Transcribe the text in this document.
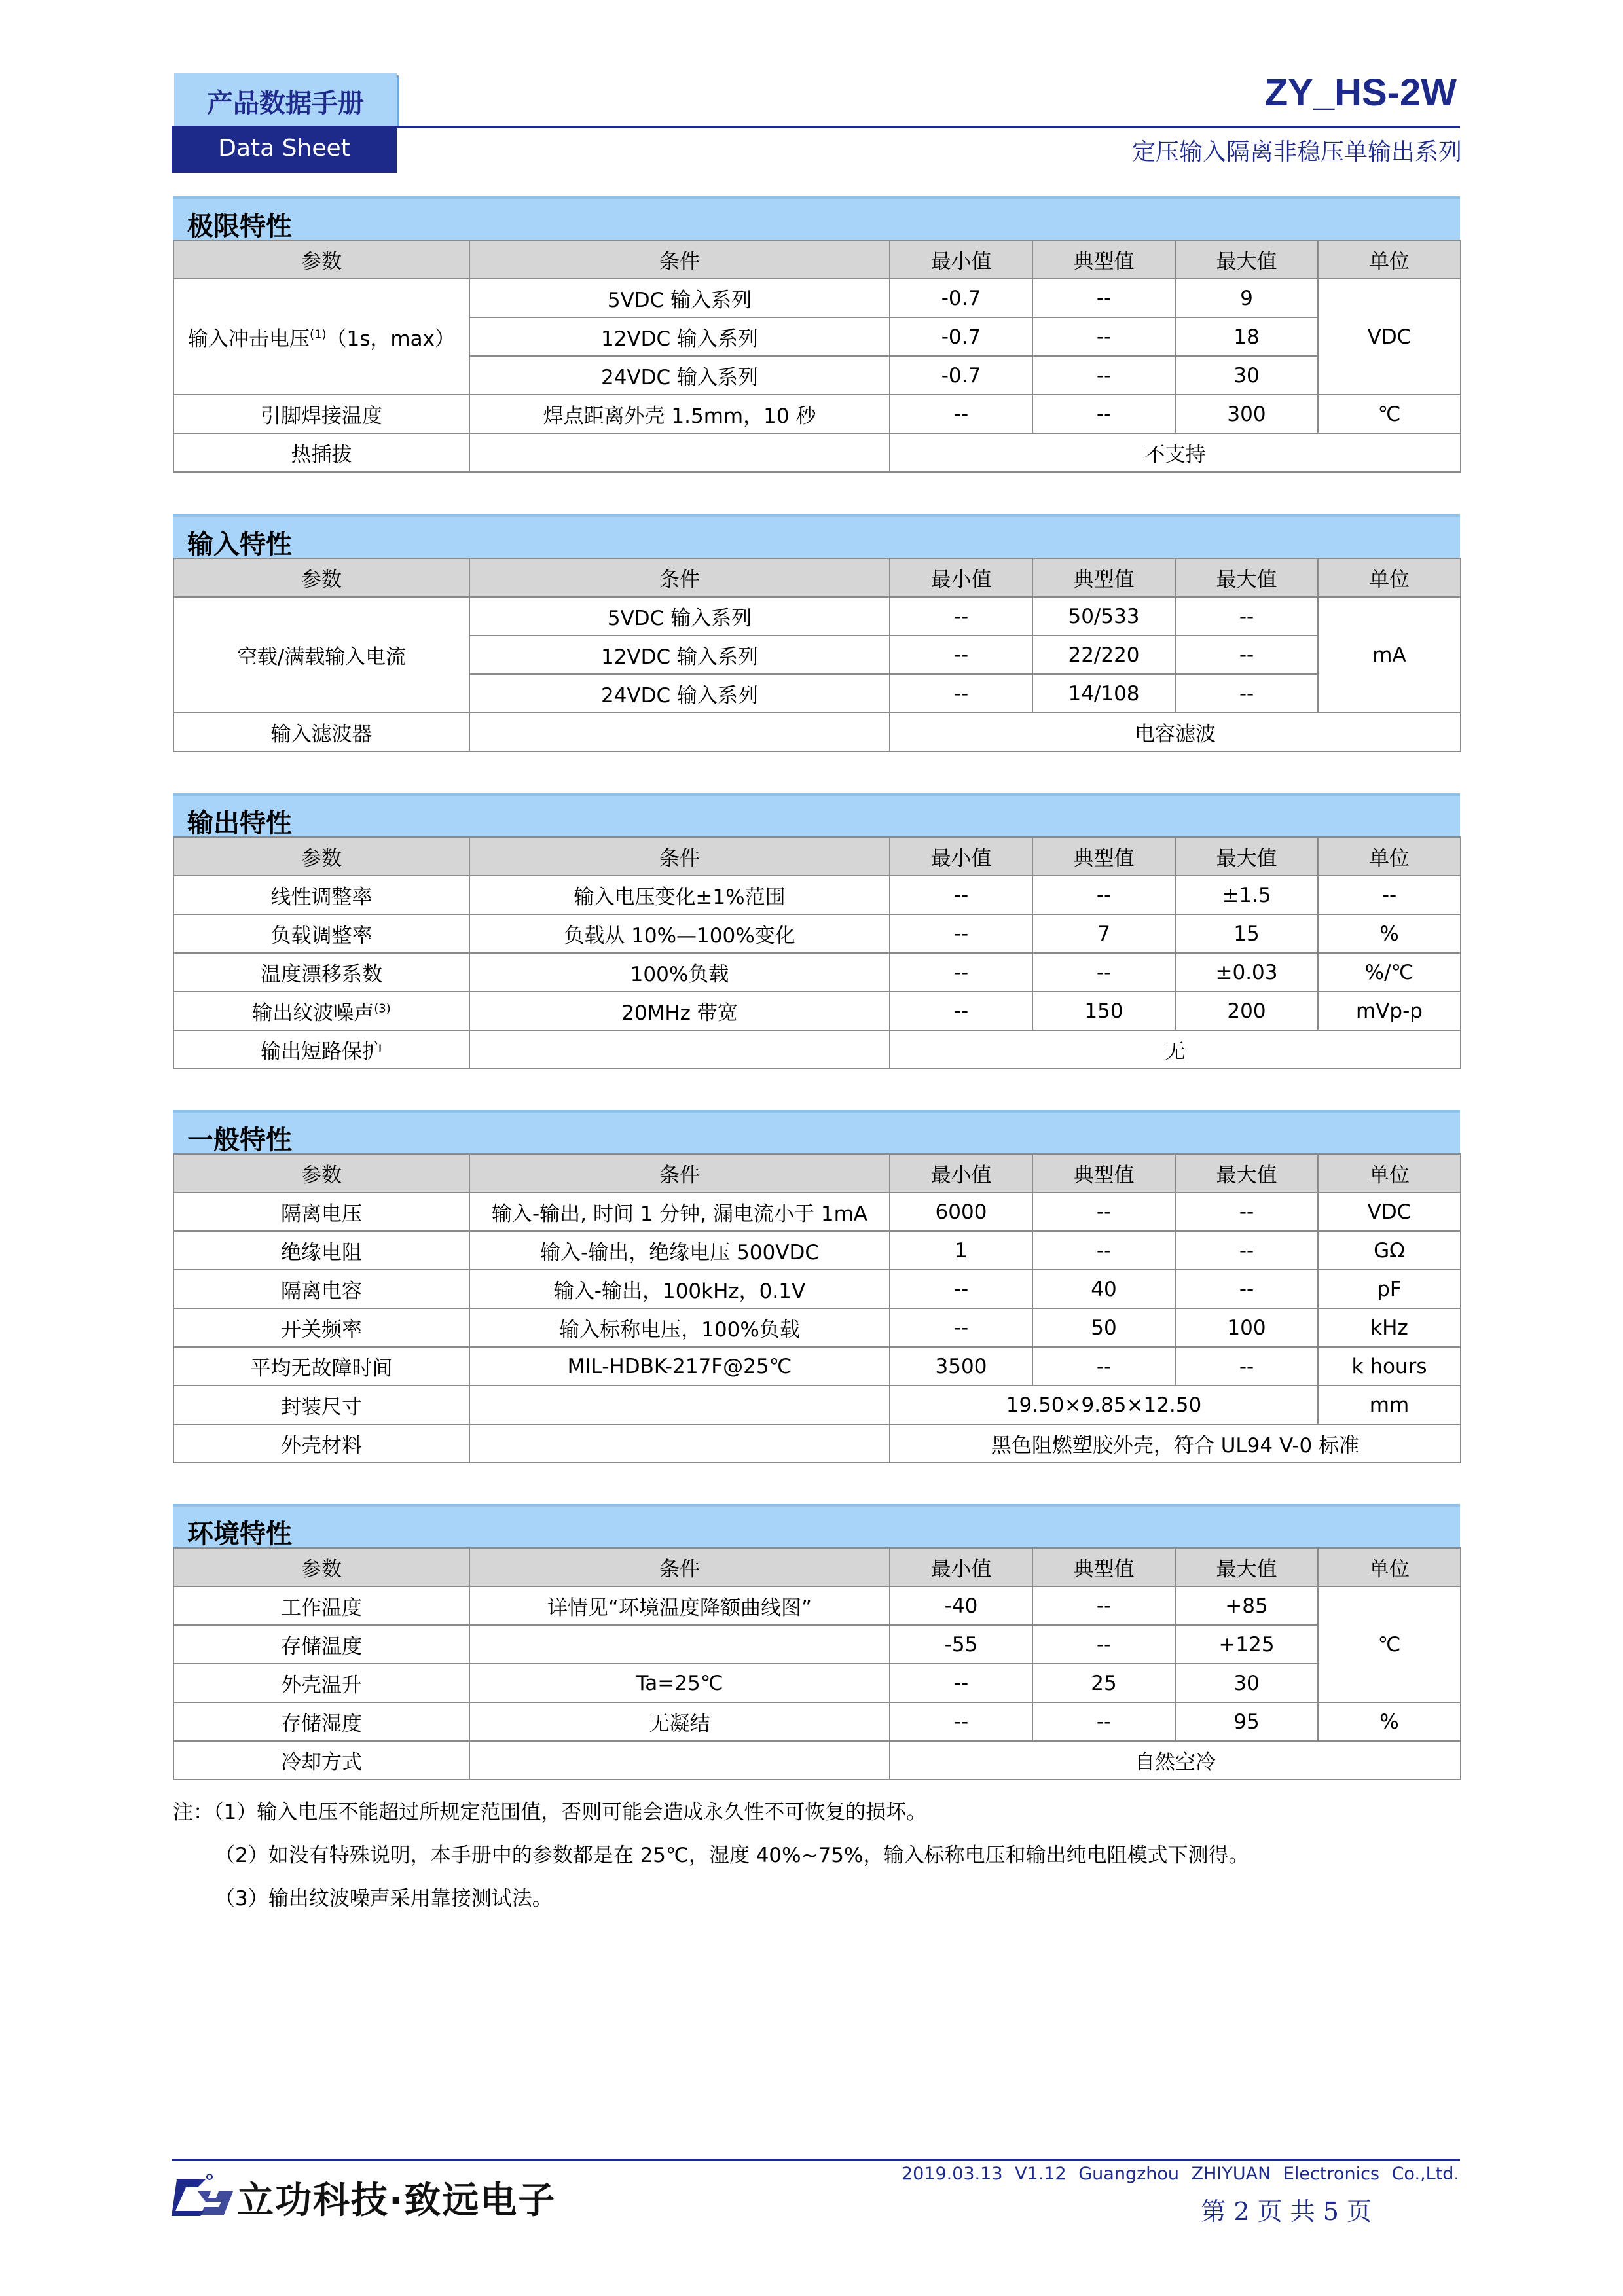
产品数据手册
Data Sheet
ZY_HS-2W
定压输入隔离非稳压单输出系列
极限特性
参数	条件	最小值	典型值	最大值	单位
输入冲击电压$^{(1)}$（1s，max）	5VDC 输入系列	-0.7	--	9	VDC
	12VDC 输入系列	-0.7	--	18	
	24VDC 输入系列	-0.7	--	30	
引脚焊接温度	焊点距离外壳 1.5mm，10 秒	--	--	300	℃
热插拔		不支持			
输入特性
参数	条件	最小值	典型值	最大值	单位
空载/满载输入电流	5VDC 输入系列	--	50/533	--	mA
	12VDC 输入系列	--	22/220	--	
	24VDC 输入系列	--	14/108	--	
输入滤波器		电容滤波			
输出特性
参数	条件	最小值	典型值	最大值	单位
线性调整率	输入电压变化±1%范围	--	--	±1.5	--
负载调整率	负载从 10%—100%变化	--	7	15	%
温度漂移系数	100%负载	--	--	±0.03	%/℃
输出纹波噪声$^{(3)}$	20MHz 带宽	--	150	200	mVp-p
输出短路保护		无			
一般特性
参数	条件	最小值	典型值	最大值	单位
隔离电压	输入-输出, 时间 1 分钟, 漏电流小于 1mA	6000	--	--	VDC
绝缘电阻	输入-输出，绝缘电压 500VDC	1	--	--	GΩ
隔离电容	输入-输出，100kHz，0.1V	--	40	--	pF
开关频率	输入标称电压，100%负载	--	50	100	kHz
平均无故障时间	MIL-HDBK-217F@25℃	3500	--	--	k hours
封装尺寸		19.50×9.85×12.50			mm
外壳材料		黑色阻燃塑胶外壳，符合 UL94 V-0 标准			
环境特性
参数	条件	最小值	典型值	最大值	单位
工作温度	详情见“环境温度降额曲线图”	-40	--	+85	℃
存储温度		-55	--	+125	
外壳温升	Ta=25℃	--	25	30	
存储湿度	无凝结	--	--	95	%
冷却方式		自然空冷			
注：（1）输入电压不能超过所规定范围值，否则可能会造成永久性不可恢复的损坏。
（2）如没有特殊说明，本手册中的参数都是在 25℃，湿度 40%~75%，输入标称电压和输出纯电阻模式下测得。
（3）输出纹波噪声采用靠接测试法。
立功科技·致远电子
2019.03.13 V1.12 Guangzhou ZHIYUAN Electronics Co.,Ltd.
第 2 页 共 5 页
